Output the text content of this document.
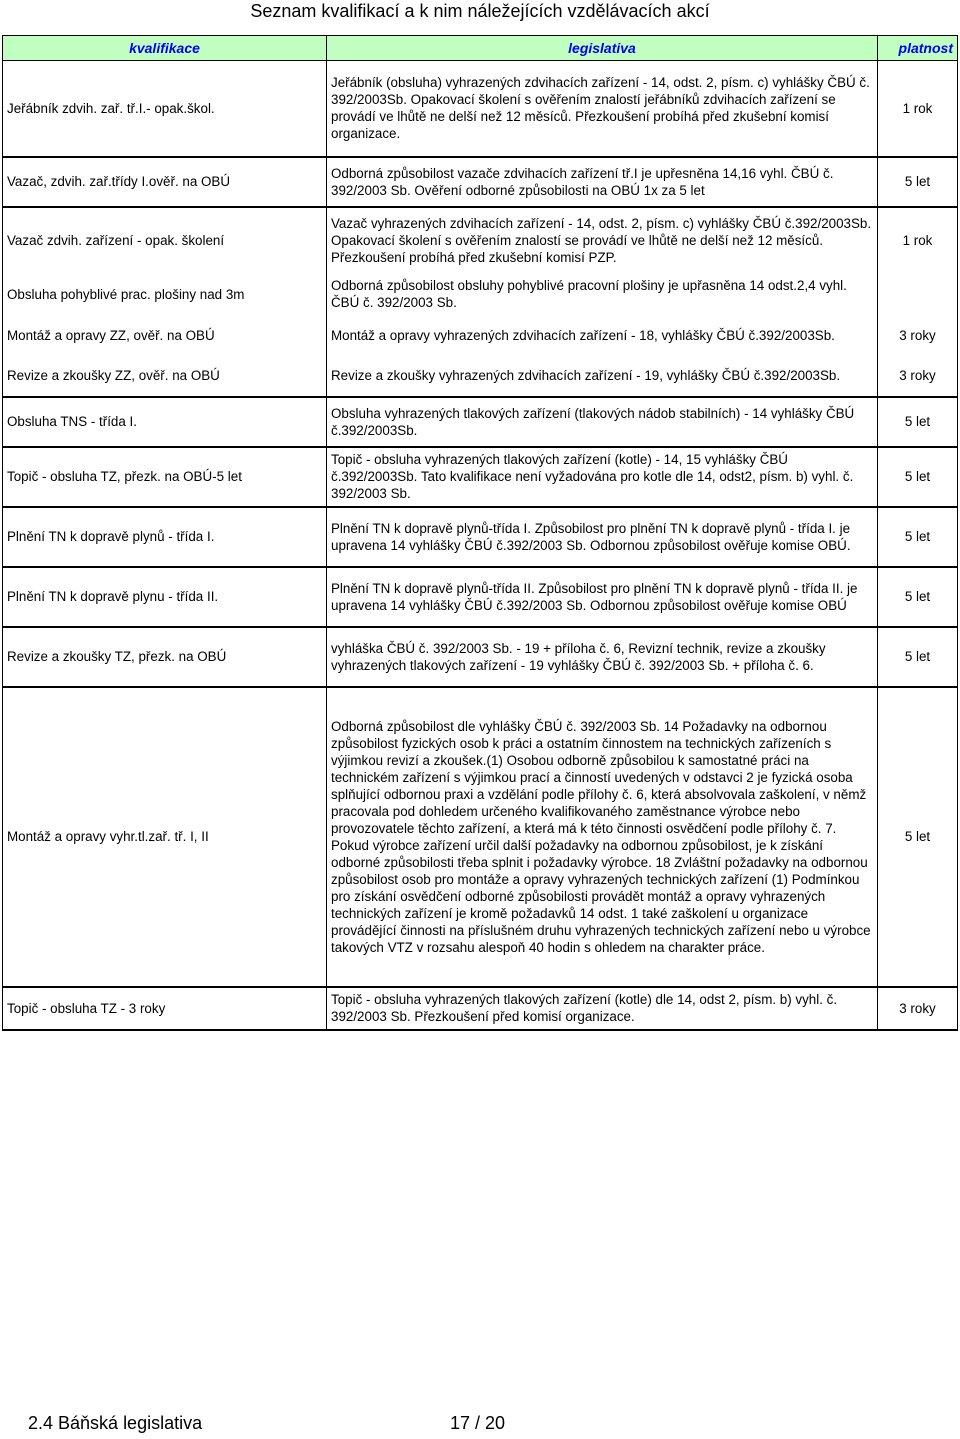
Seznam kvalifikací a k nim náležejících vzdělávacích akcí
kvalifikace	legislativa	platnost
Jeřábník zdvih. zař. tř.I.- opak.škol.	Jeřábník (obsluha) vyhrazených zdvihacích zařízení - 14, odst. 2, písm. c) vyhlášky ČBÚ č. 392/2003Sb. Opakovací školení s ověřením znalostí jeřábníků zdvihacích zařízení se provádí ve lhůtě ne delší než 12 měsíců. Přezkoušení probíhá před zkušební komisí organizace.	1 rok
Vazač, zdvih. zař.třídy I.ověř. na OBÚ	Odborná způsobilost vazače zdvihacích zařízení tř.I je upřesněna 14,16 vyhl. ČBÚ č. 392/2003 Sb. Ověření odborné způsobilosti na OBÚ 1x za 5 let	5 let
Vazač zdvih. zařízení - opak. školení	Vazač vyhrazených zdvihacích zařízení - 14, odst. 2, písm. c) vyhlášky ČBÚ č.392/2003Sb. Opakovací školení s ověřením znalostí se provádí ve lhůtě ne delší než 12 měsíců. Přezkoušení probíhá před zkušební komisí PZP.	1 rok
Obsluha pohyblivé prac. plošiny nad 3m	Odborná způsobilost obsluhy pohyblivé pracovní plošiny je upřasněna 14 odst.2,4 vyhl. ČBÚ č. 392/2003 Sb.	
Montáž a opravy ZZ, ověř. na OBÚ	Montáž a opravy vyhrazených zdvihacích zařízení - 18, vyhlášky ČBÚ č.392/2003Sb.	3 roky
Revize a zkoušky ZZ, ověř. na OBÚ	Revize a zkoušky vyhrazených zdvihacích zařízení - 19, vyhlášky ČBÚ č.392/2003Sb.	3 roky
Obsluha TNS - třída I.	Obsluha vyhrazených tlakových zařízení (tlakových nádob stabilních) - 14 vyhlášky ČBÚ č.392/2003Sb.	5 let
Topič - obsluha TZ, přezk. na OBÚ-5 let	Topič - obsluha vyhrazených tlakových zařízení (kotle) - 14, 15 vyhlášky ČBÚ č.392/2003Sb. Tato kvalifikace není vyžadována pro kotle dle 14, odst2, písm. b) vyhl. č. 392/2003 Sb.	5 let
Plnění TN k dopravě plynů - třída I.	Plnění TN k dopravě plynů-třída I. Způsobilost pro plnění TN k dopravě plynů - třída I. je upravena 14 vyhlášky ČBÚ č.392/2003 Sb. Odbornou způsobilost ověřuje komise OBÚ.	5 let
Plnění TN k dopravě plynu - třída II.	Plnění TN k dopravě plynů-třída II. Způsobilost pro plnění TN k dopravě plynů - třída II. je upravena 14 vyhlášky ČBÚ č.392/2003 Sb. Odbornou způsobilost ověřuje komise OBÚ	5 let
Revize a zkoušky TZ, přezk. na OBÚ	vyhláška ČBÚ č. 392/2003 Sb. - 19 + příloha č. 6, Revizní technik, revize a zkoušky vyhrazených tlakových zařízení - 19 vyhlášky ČBÚ č. 392/2003 Sb. + příloha č. 6.	5 let
Montáž a opravy vyhr.tl.zař. tř. I, II	Odborná způsobilost dle vyhlášky ČBÚ č. 392/2003 Sb. 14 Požadavky na odbornou způsobilost fyzických osob k práci a ostatním činnostem na technických zařízeních s výjimkou revizí a zkoušek.(1) Osobou odborně způsobilou k samostatné práci na technickém zařízení s výjimkou prací a činností uvedených v odstavci 2 je fyzická osoba splňující odbornou praxi a vzdělání podle přílohy č. 6, která absolvovala zaškolení, v němž pracovala pod dohledem určeného kvalifikovaného zaměstnance výrobce nebo provozovatele těchto zařízení, a která má k této činnosti osvědčení podle přílohy č. 7. Pokud výrobce zařízení určil další požadavky na odbornou způsobilost, je k získání odborné způsobilosti třeba splnit i požadavky výrobce. 18 Zvláštní požadavky na odbornou způsobilost osob pro montáže a opravy vyhrazených technických zařízení (1) Podmínkou pro získání osvědčení odborné způsobilosti provádět montáž a opravy vyhrazených technických zařízení je kromě požadavků 14 odst. 1 také zaškolení u organizace provádějící činnosti na příslušném druhu vyhrazených technických zařízení nebo u výrobce takových VTZ v rozsahu alespoň 40 hodin s ohledem na charakter práce.	5 let
Topič - obsluha TZ - 3 roky	Topič - obsluha vyhrazených tlakových zařízení (kotle) dle 14, odst 2, písm. b) vyhl. č. 392/2003 Sb. Přezkoušení před komisí organizace.	3 roky
2.4 Báňská legislativa	17 / 20
